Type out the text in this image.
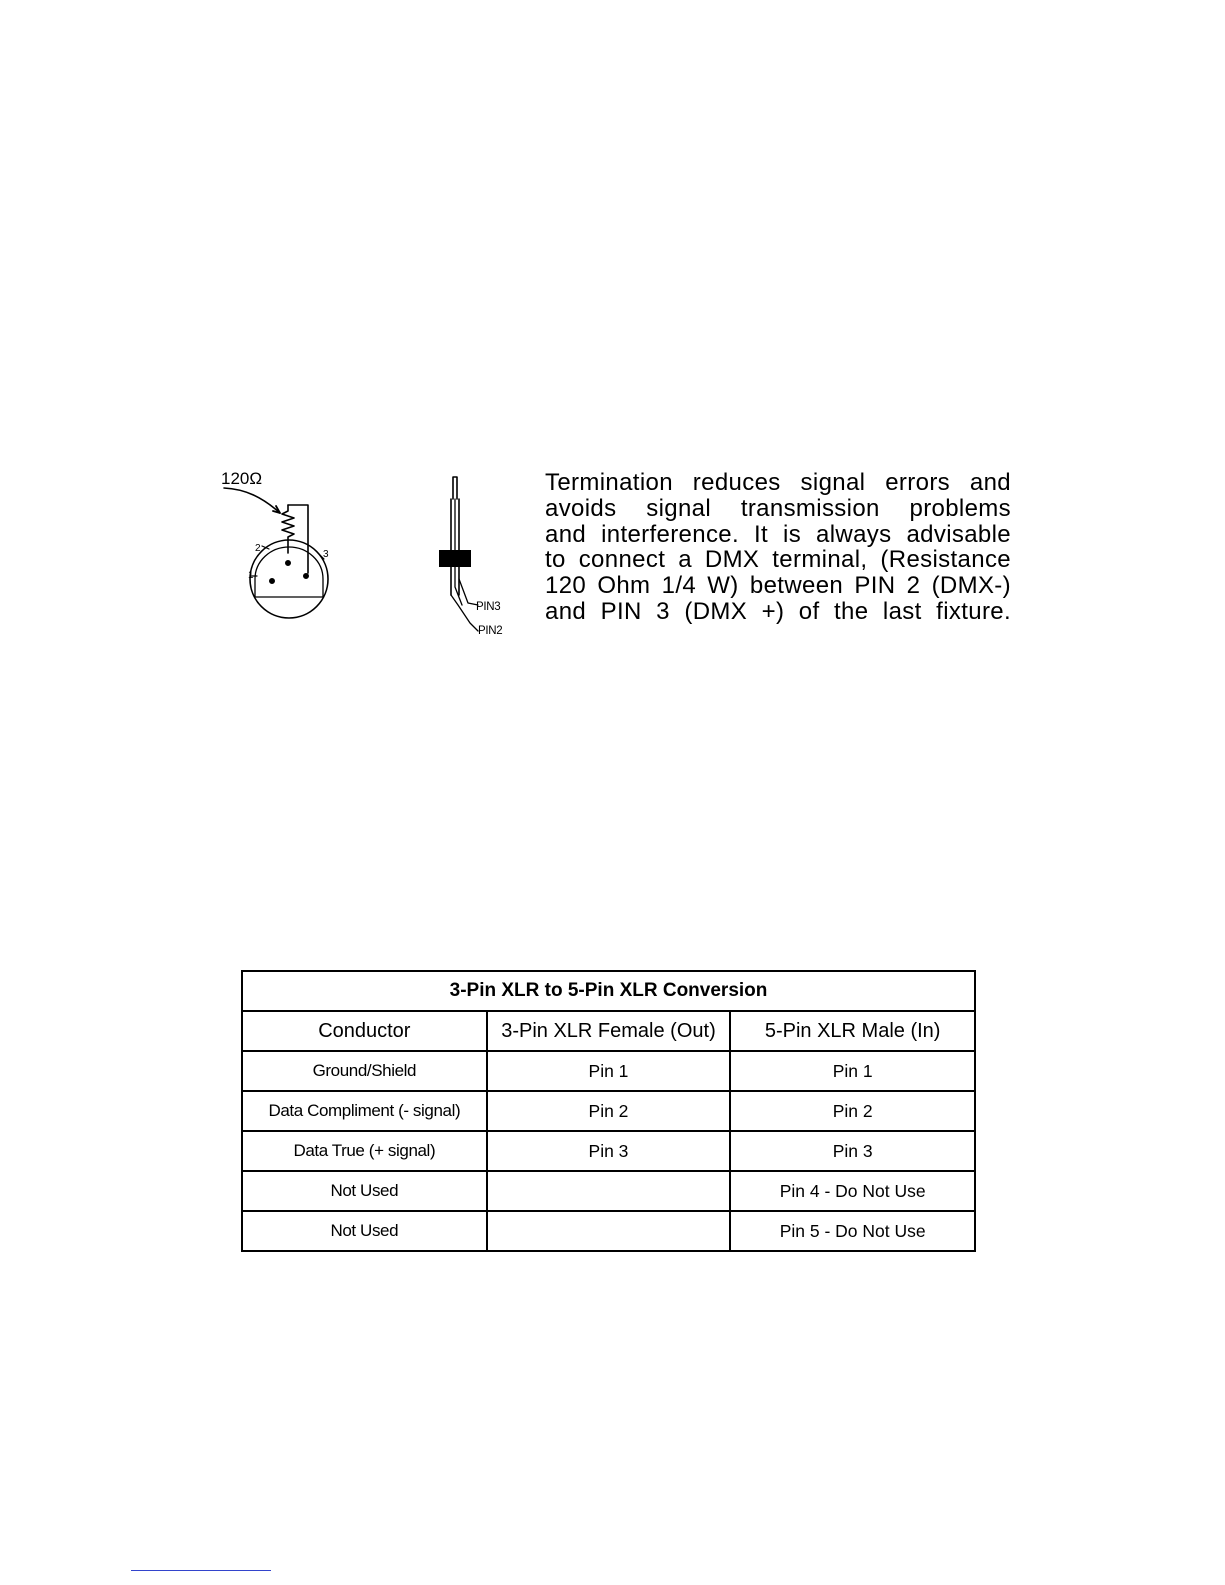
120Ω
2
3
1
PIN3
PIN2

Termination reduces signal errors and
avoids signal transmission problems
and interference. It is always advisable
to connect a DMX terminal, (Resistance
120 Ohm 1/4 W) between PIN 2 (DMX-)
and PIN 3 (DMX +) of the last fixture.

3-Pin XLR to 5-Pin XLR Conversion		
Conductor	3-Pin XLR Female (Out)	5-Pin XLR Male (In)
Ground/Shield	Pin 1	Pin 1
Data Compliment (- signal)	Pin 2	Pin 2
Data True (+ signal)	Pin 3	Pin 3
Not Used		Pin 4 - Do Not Use
Not Used		Pin 5 - Do Not Use
